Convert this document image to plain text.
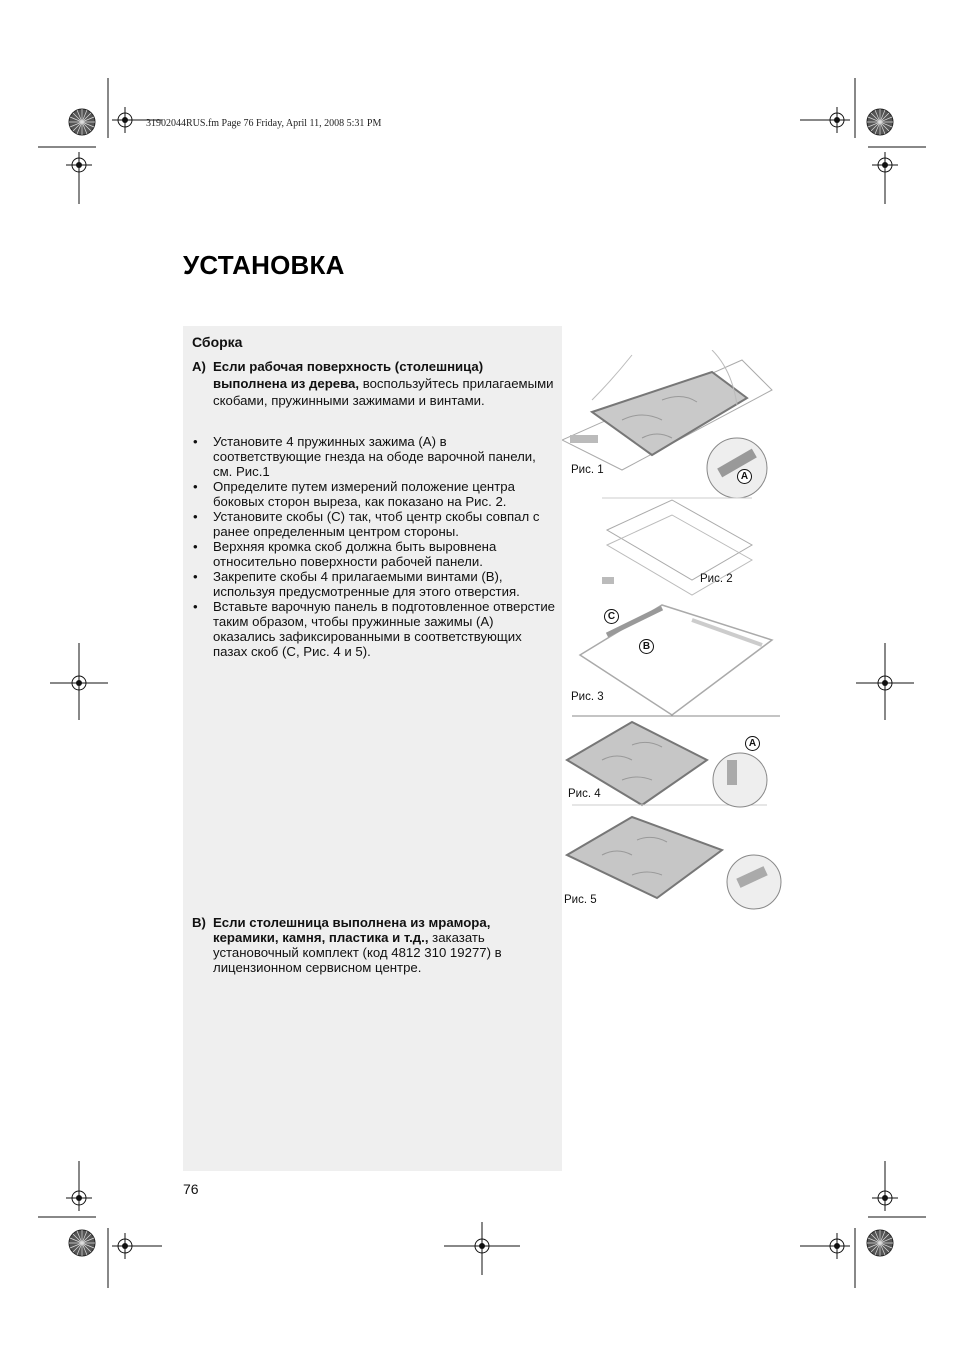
31902044RUS.fm Page 76 Friday, April 11, 2008 5:31 PM
УСТАНОВКА
Сборка
A) Если рабочая поверхность (столешница) выполнена из дерева, воспользуйтесь прилагаемыми скобами, пружинными зажимами и винтами.
• Установите 4 пружинных зажима (A) в соответствующие гнезда на ободе варочной панели, см. Рис.1
• Определите путем измерений положение центра боковых сторон выреза, как показано на Рис. 2.
• Установите скобы (C) так, чтоб центр скобы совпал с ранее определенным центром стороны.
• Верхняя кромка скоб должна быть выровнена относительно поверхности рабочей панели.
• Закрепите скобы 4 прилагаемыми винтами (B), используя предусмотренные для этого отверстия.
• Вставьте варочную панель в подготовленное отверстие таким образом, чтобы пружинные зажимы (A) оказались зафиксированными в соответствующих пазах скоб (C, Рис. 4 и 5).
B) Если столешница выполнена из мрамора, керамики, камня, пластика и т.д., заказать установочный комплект (код 4812 310 19277) в лицензионном сервисном центре.
Рис. 1
A
Рис. 2
C
B
Рис. 3
A
Рис. 4
Рис. 5
76
